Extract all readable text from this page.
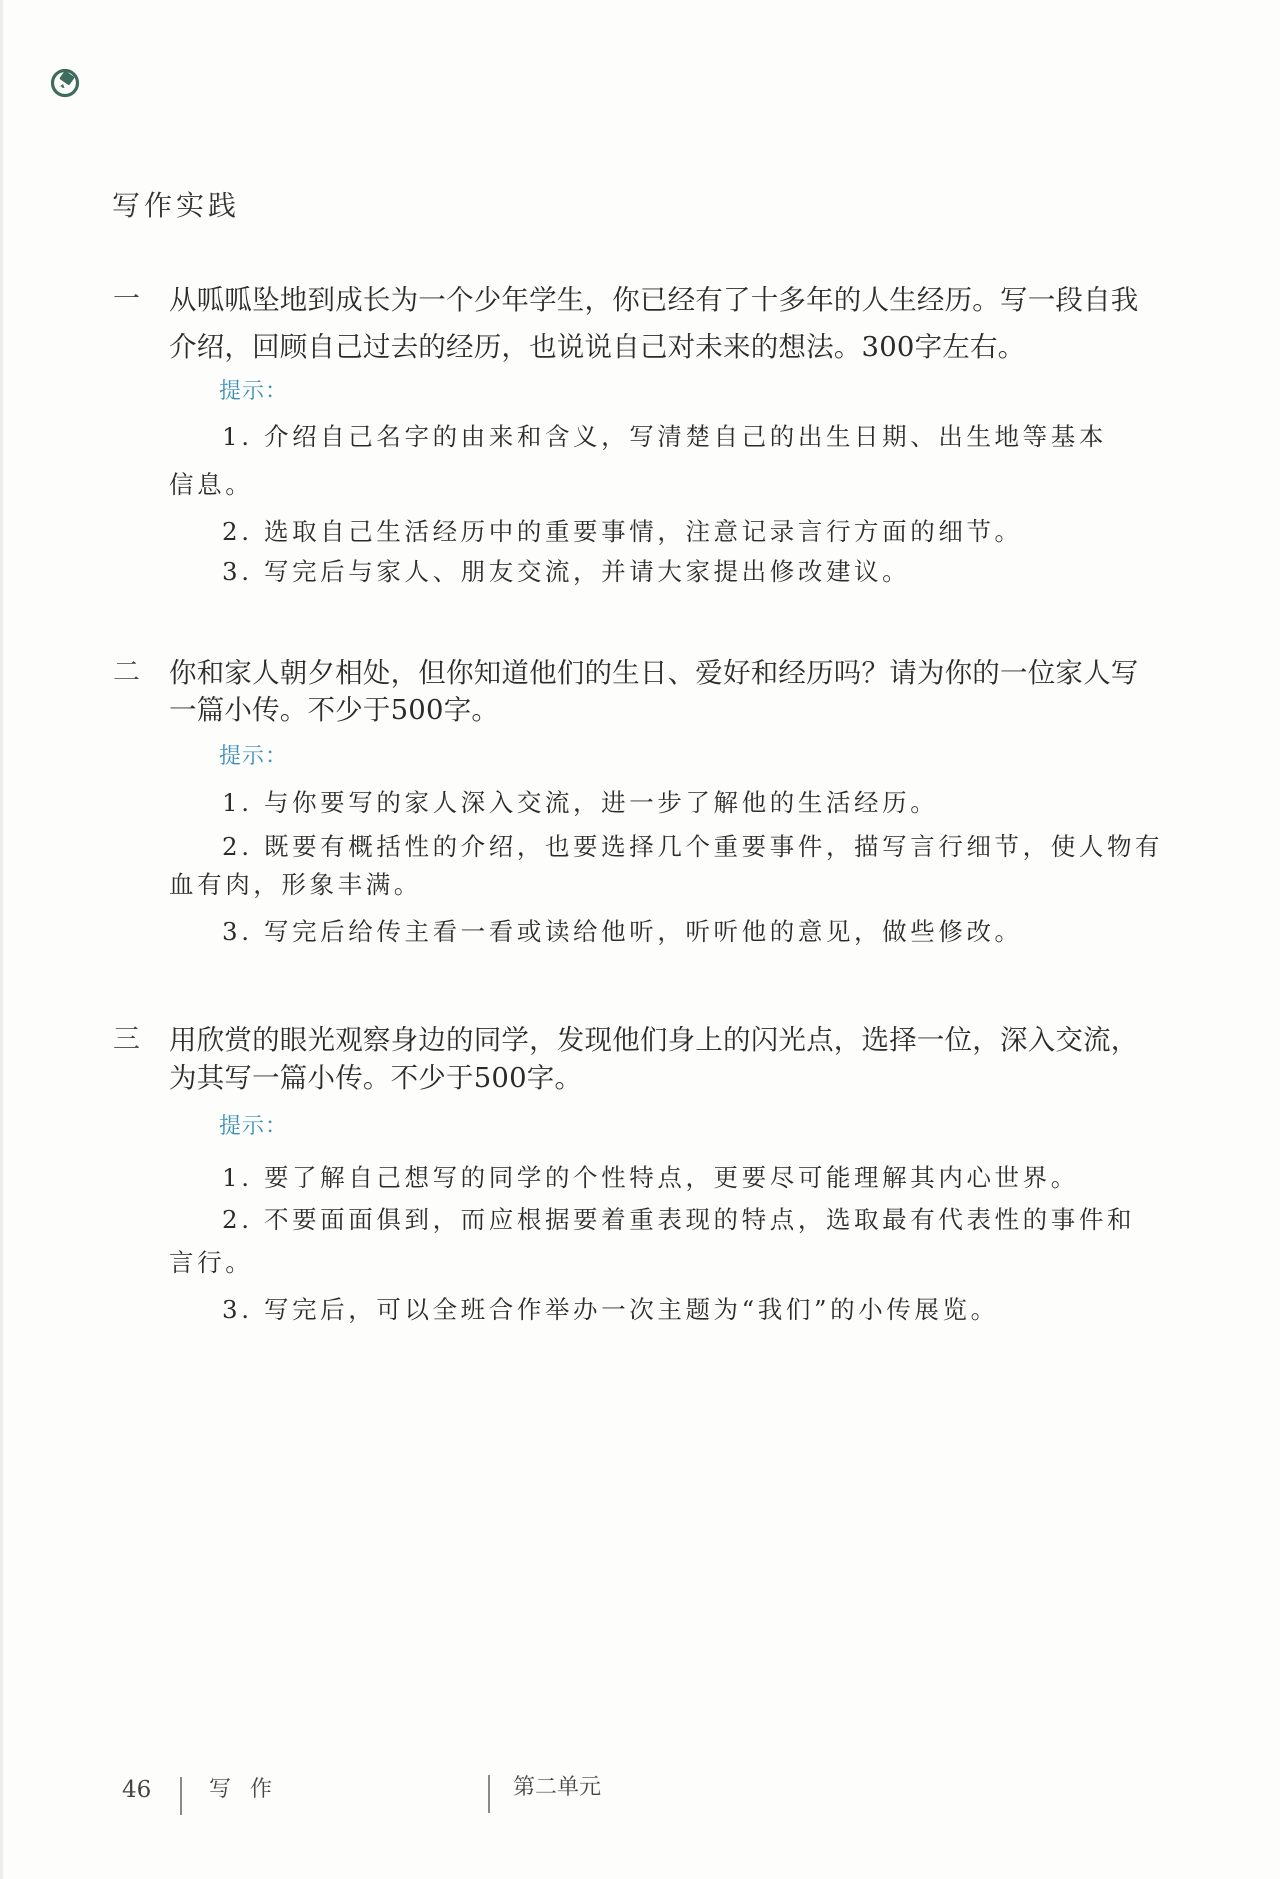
写作实践
一 从呱呱坠地到成长为一个少年学生，你已经有了十多年的人生经历。写一段自我
介绍，回顾自己过去的经历，也说说自己对未来的想法。300字左右。
提示：
1. 介绍自己名字的由来和含义，写清楚自己的出生日期、出生地等基本
信息。
2. 选取自己生活经历中的重要事情，注意记录言行方面的细节。
3. 写完后与家人、朋友交流，并请大家提出修改建议。
二 你和家人朝夕相处，但你知道他们的生日、爱好和经历吗？请为你的一位家人写
一篇小传。不少于500字。
提示：
1. 与你要写的家人深入交流，进一步了解他的生活经历。
2. 既要有概括性的介绍，也要选择几个重要事件，描写言行细节，使人物有
血有肉，形象丰满。
3. 写完后给传主看一看或读给他听，听听他的意见，做些修改。
三 用欣赏的眼光观察身边的同学，发现他们身上的闪光点，选择一位，深入交流，
为其写一篇小传。不少于500字。
提示：
1. 要了解自己想写的同学的个性特点，更要尽可能理解其内心世界。
2. 不要面面俱到，而应根据要着重表现的特点，选取最有代表性的事件和
言行。
3. 写完后，可以全班合作举办一次主题为“我们”的小传展览。
46	写 作	第二单元
